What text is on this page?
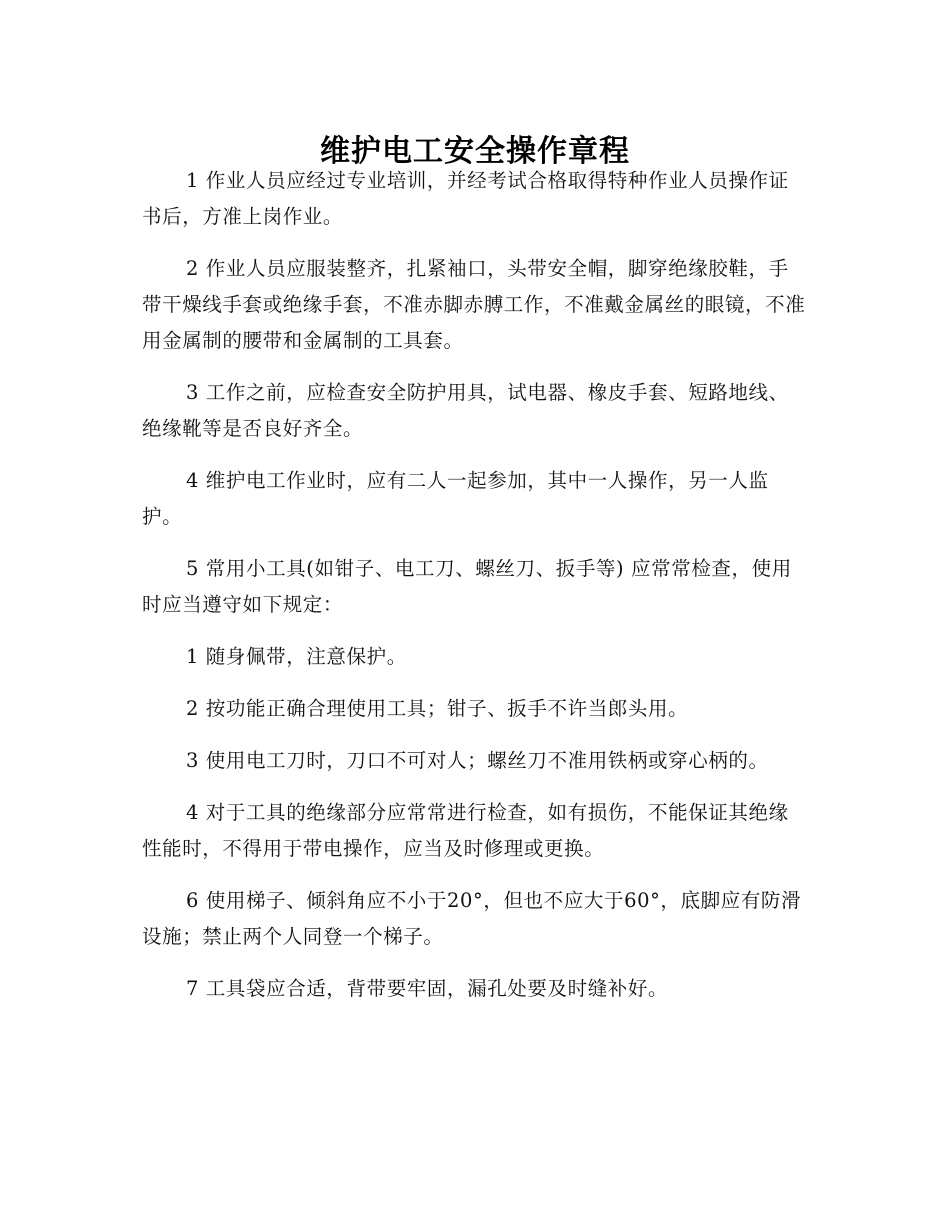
维护电工安全操作章程

1 作业人员应经过专业培训，并经考试合格取得特种作业人员操作证书后，方准上岗作业。

2 作业人员应服装整齐，扎紧袖口，头带安全帽，脚穿绝缘胶鞋，手带干燥线手套或绝缘手套，不准赤脚赤膊工作，不准戴金属丝的眼镜，不准用金属制的腰带和金属制的工具套。

3 工作之前，应检查安全防护用具，试电器、橡皮手套、短路地线、绝缘靴等是否良好齐全。

4 维护电工作业时，应有二人一起参加，其中一人操作，另一人监护。

5 常用小工具(如钳子、电工刀、螺丝刀、扳手等) 应常常检查，使用时应当遵守如下规定：

1 随身佩带，注意保护。

2 按功能正确合理使用工具；钳子、扳手不许当郎头用。

3 使用电工刀时，刀口不可对人；螺丝刀不准用铁柄或穿心柄的。

4 对于工具的绝缘部分应常常进行检查，如有损伤，不能保证其绝缘性能时，不得用于带电操作，应当及时修理或更换。

6 使用梯子、倾斜角应不小于20°，但也不应大于60°，底脚应有防滑设施；禁止两个人同登一个梯子。

7 工具袋应合适，背带要牢固，漏孔处要及时缝补好。
